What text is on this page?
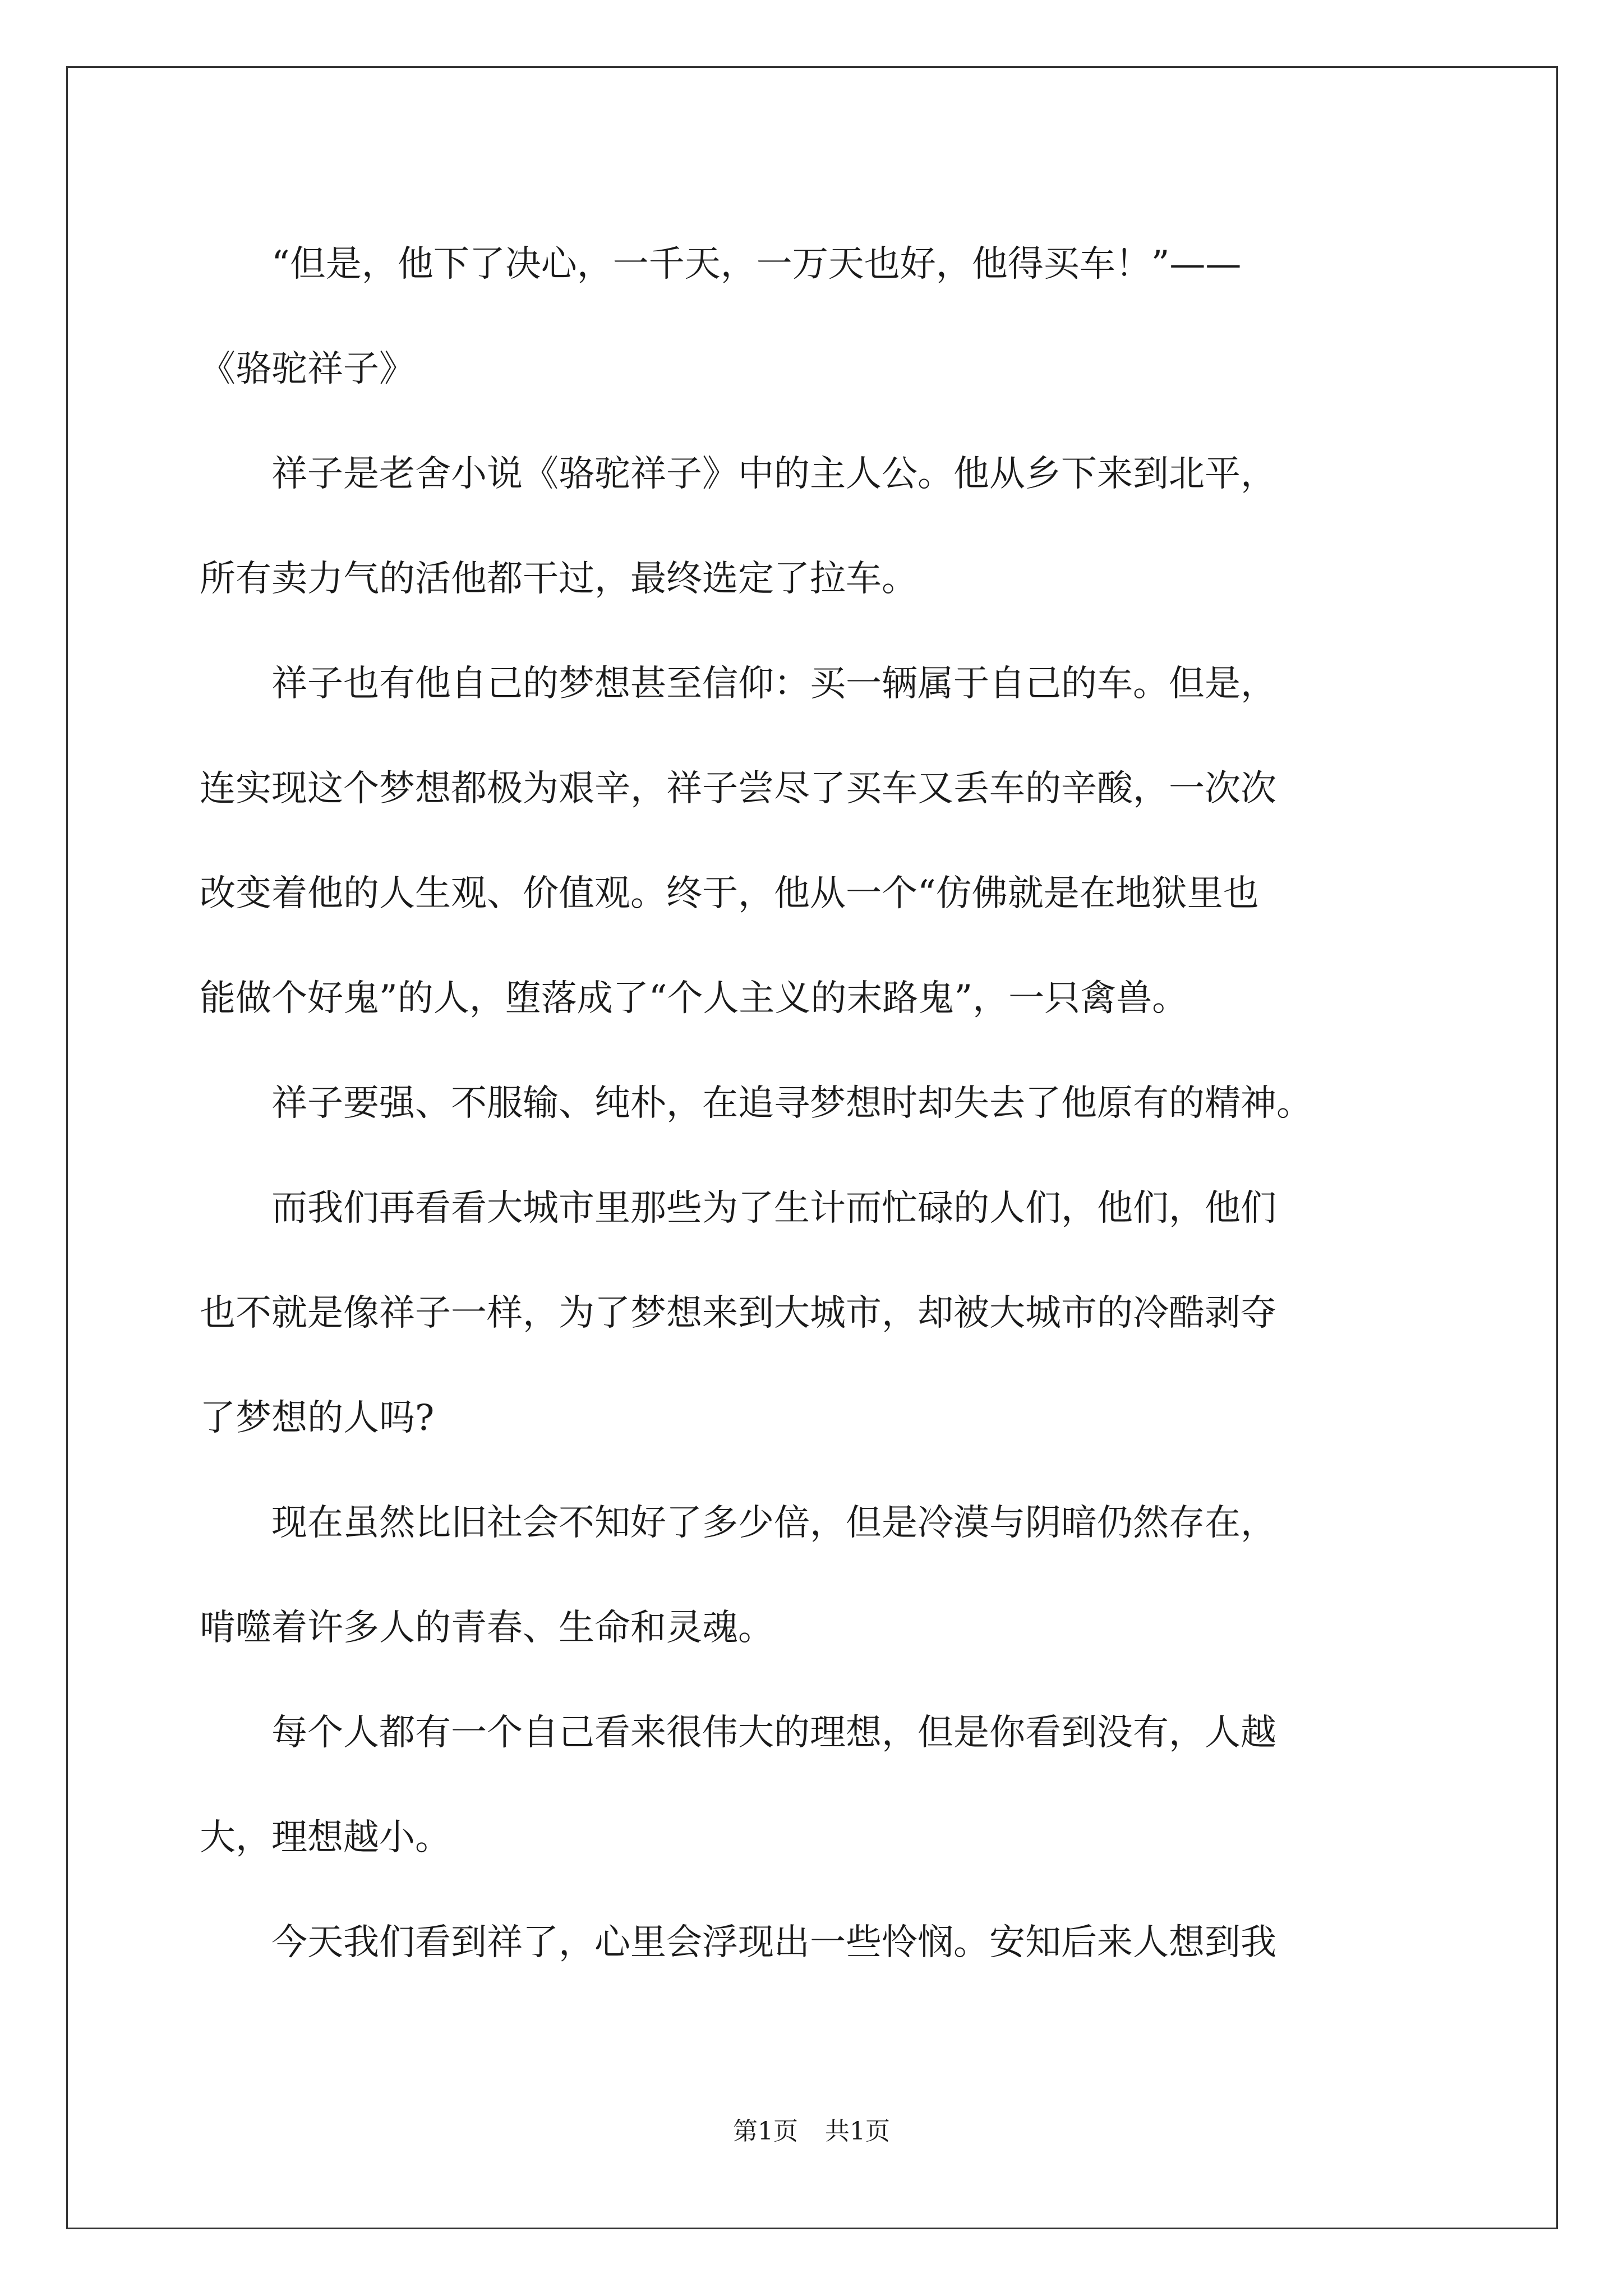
　　“但是，他下了决心，一千天，一万天也好，他得买车！”——
《骆驼祥子》
　　祥子是老舍小说《骆驼祥子》中的主人公。他从乡下来到北平，
所有卖力气的活他都干过，最终选定了拉车。
　　祥子也有他自己的梦想甚至信仰：买一辆属于自己的车。但是，
连实现这个梦想都极为艰辛，祥子尝尽了买车又丢车的辛酸，一次次
改变着他的人生观、价值观。终于，他从一个“仿佛就是在地狱里也
能做个好鬼”的人，堕落成了“个人主义的末路鬼”，一只禽兽。
　　祥子要强、不服输、纯朴，在追寻梦想时却失去了他原有的精神。
　　而我们再看看大城市里那些为了生计而忙碌的人们，他们，他们
也不就是像祥子一样，为了梦想来到大城市，却被大城市的冷酷剥夺
了梦想的人吗?
　　现在虽然比旧社会不知好了多少倍，但是冷漠与阴暗仍然存在，
啃噬着许多人的青春、生命和灵魂。
　　每个人都有一个自己看来很伟大的理想，但是你看到没有，人越
大，理想越小。
　　今天我们看到祥了，心里会浮现出一些怜悯。安知后来人想到我
第1页 共1页
